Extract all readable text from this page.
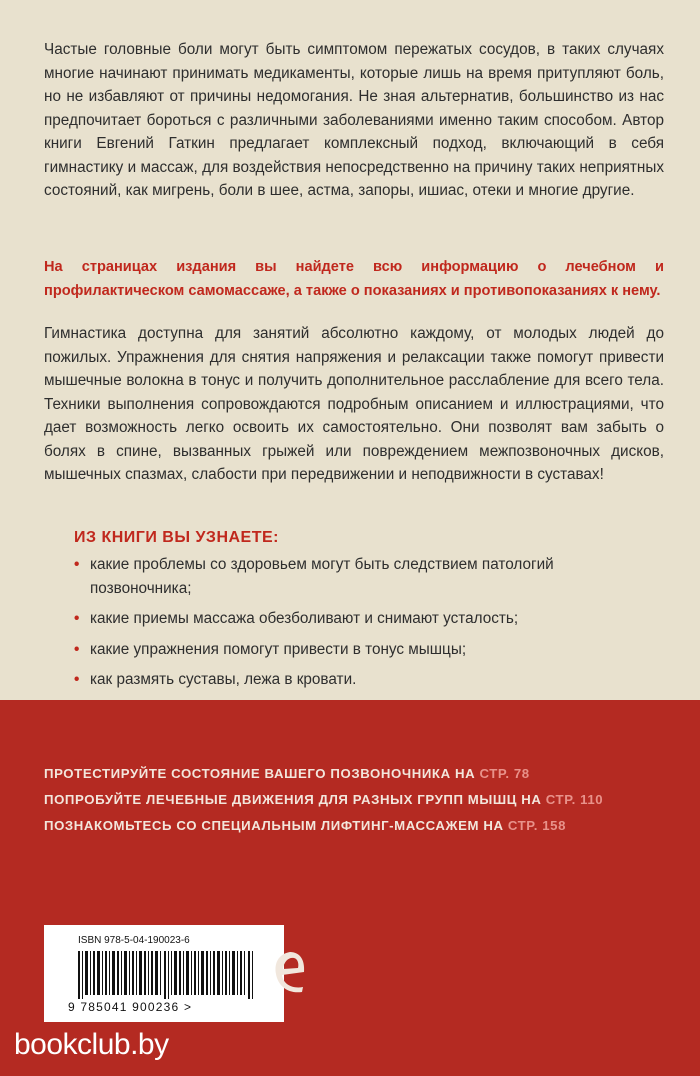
Частые головные боли могут быть симптомом пережатых сосудов, в таких случаях многие начинают принимать медикаменты, которые лишь на время притупляют боль, но не избавляют от причины недомогания. Не зная альтернатив, большинство из нас предпочитает бороться с различными заболеваниями именно таким способом. Автор книги Евгений Гаткин предлагает комплексный подход, включающий в себя гимнастику и массаж, для воздействия непосредственно на причину таких неприятных состояний, как мигрень, боли в шее, астма, запоры, ишиас, отеки и многие другие.

На страницах издания вы найдете всю информацию о лечебном и профилактическом самомассаже, а также о показаниях и противопоказаниях к нему.

Гимнастика доступна для занятий абсолютно каждому, от молодых людей до пожилых. Упражнения для снятия напряжения и релаксации также помогут привести мышечные волокна в тонус и получить дополнительное расслабление для всего тела. Техники выполнения сопровождаются подробным описанием и иллюстрациями, что дает возможность легко освоить их самостоятельно. Они позволят вам забыть о болях в спине, вызванных грыжей или повреждением межпозвоночных дисков, мышечных спазмах, слабости при передвижении и неподвижности в суставах!

ИЗ КНИГИ ВЫ УЗНАЕТЕ:
• какие проблемы со здоровьем могут быть следствием патологий позвоночника;
• какие приемы массажа обезболивают и снимают усталость;
• какие упражнения помогут привести в тонус мышцы;
• как размять суставы, лежа в кровати.
ПРОТЕСТИРУЙТЕ СОСТОЯНИЕ ВАШЕГО ПОЗВОНОЧНИКА НА СТР. 78
ПОПРОБУЙТЕ ЛЕЧЕБНЫЕ ДВИЖЕНИЯ ДЛЯ РАЗНЫХ ГРУПП МЫШЦ НА СТР. 110
ПОЗНАКОМЬТЕСЬ СО СПЕЦИАЛЬНЫМ ЛИФТИНГ-МАССАЖЕМ НА СТР. 158
ISBN 978-5-04-190023-6
9 785041 900236 >
bookclub.by
